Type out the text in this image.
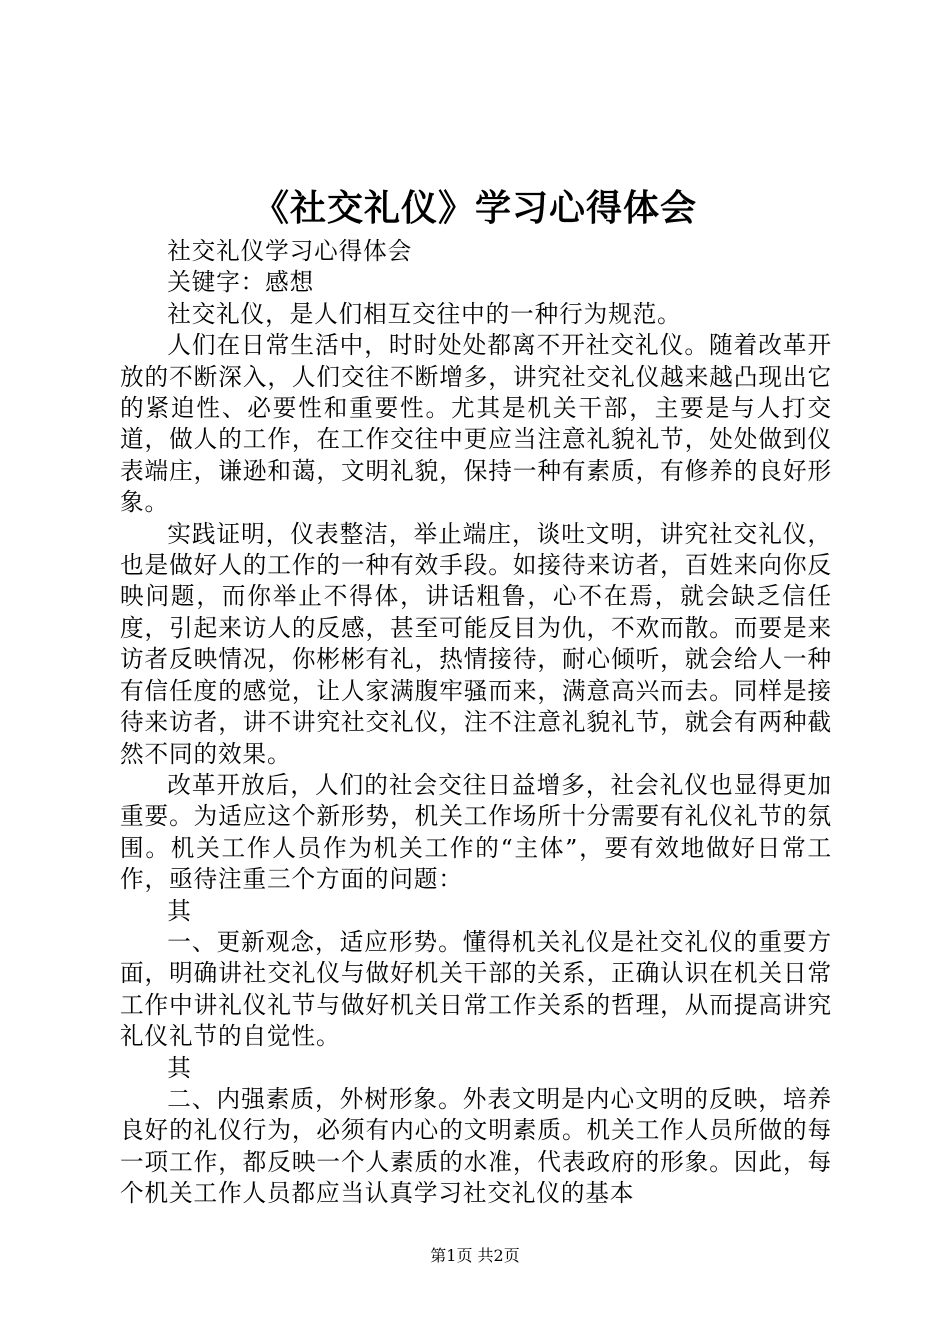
《社交礼仪》学习心得体会

社交礼仪学习心得体会

关键字：感想

社交礼仪，是人们相互交往中的一种行为规范。

人们在日常生活中，时时处处都离不开社交礼仪。随着改革开放的不断深入，人们交往不断增多，讲究社交礼仪越来越凸现出它的紧迫性、必要性和重要性。尤其是机关干部，主要是与人打交道，做人的工作，在工作交往中更应当注意礼貌礼节，处处做到仪表端庄，谦逊和蔼，文明礼貌，保持一种有素质，有修养的良好形象。

实践证明，仪表整洁，举止端庄，谈吐文明，讲究社交礼仪，也是做好人的工作的一种有效手段。如接待来访者，百姓来向你反映问题，而你举止不得体，讲话粗鲁，心不在焉，就会缺乏信任度，引起来访人的反感，甚至可能反目为仇，不欢而散。而要是来访者反映情况，你彬彬有礼，热情接待，耐心倾听，就会给人一种有信任度的感觉，让人家满腹牢骚而来，满意高兴而去。同样是接待来访者，讲不讲究社交礼仪，注不注意礼貌礼节，就会有两种截然不同的效果。

改革开放后，人们的社会交往日益增多，社会礼仪也显得更加重要。为适应这个新形势，机关工作场所十分需要有礼仪礼节的氛围。机关工作人员作为机关工作的“主体”，要有效地做好日常工作，亟待注重三个方面的问题：

其

一、更新观念，适应形势。懂得机关礼仪是社交礼仪的重要方面，明确讲社交礼仪与做好机关干部的关系，正确认识在机关日常工作中讲礼仪礼节与做好机关日常工作关系的哲理，从而提高讲究礼仪礼节的自觉性。

其

二、内强素质，外树形象。外表文明是内心文明的反映，培养良好的礼仪行为，必须有内心的文明素质。机关工作人员所做的每一项工作，都反映一个人素质的水准，代表政府的形象。因此，每个机关工作人员都应当认真学习社交礼仪的基本

第1页 共2页
